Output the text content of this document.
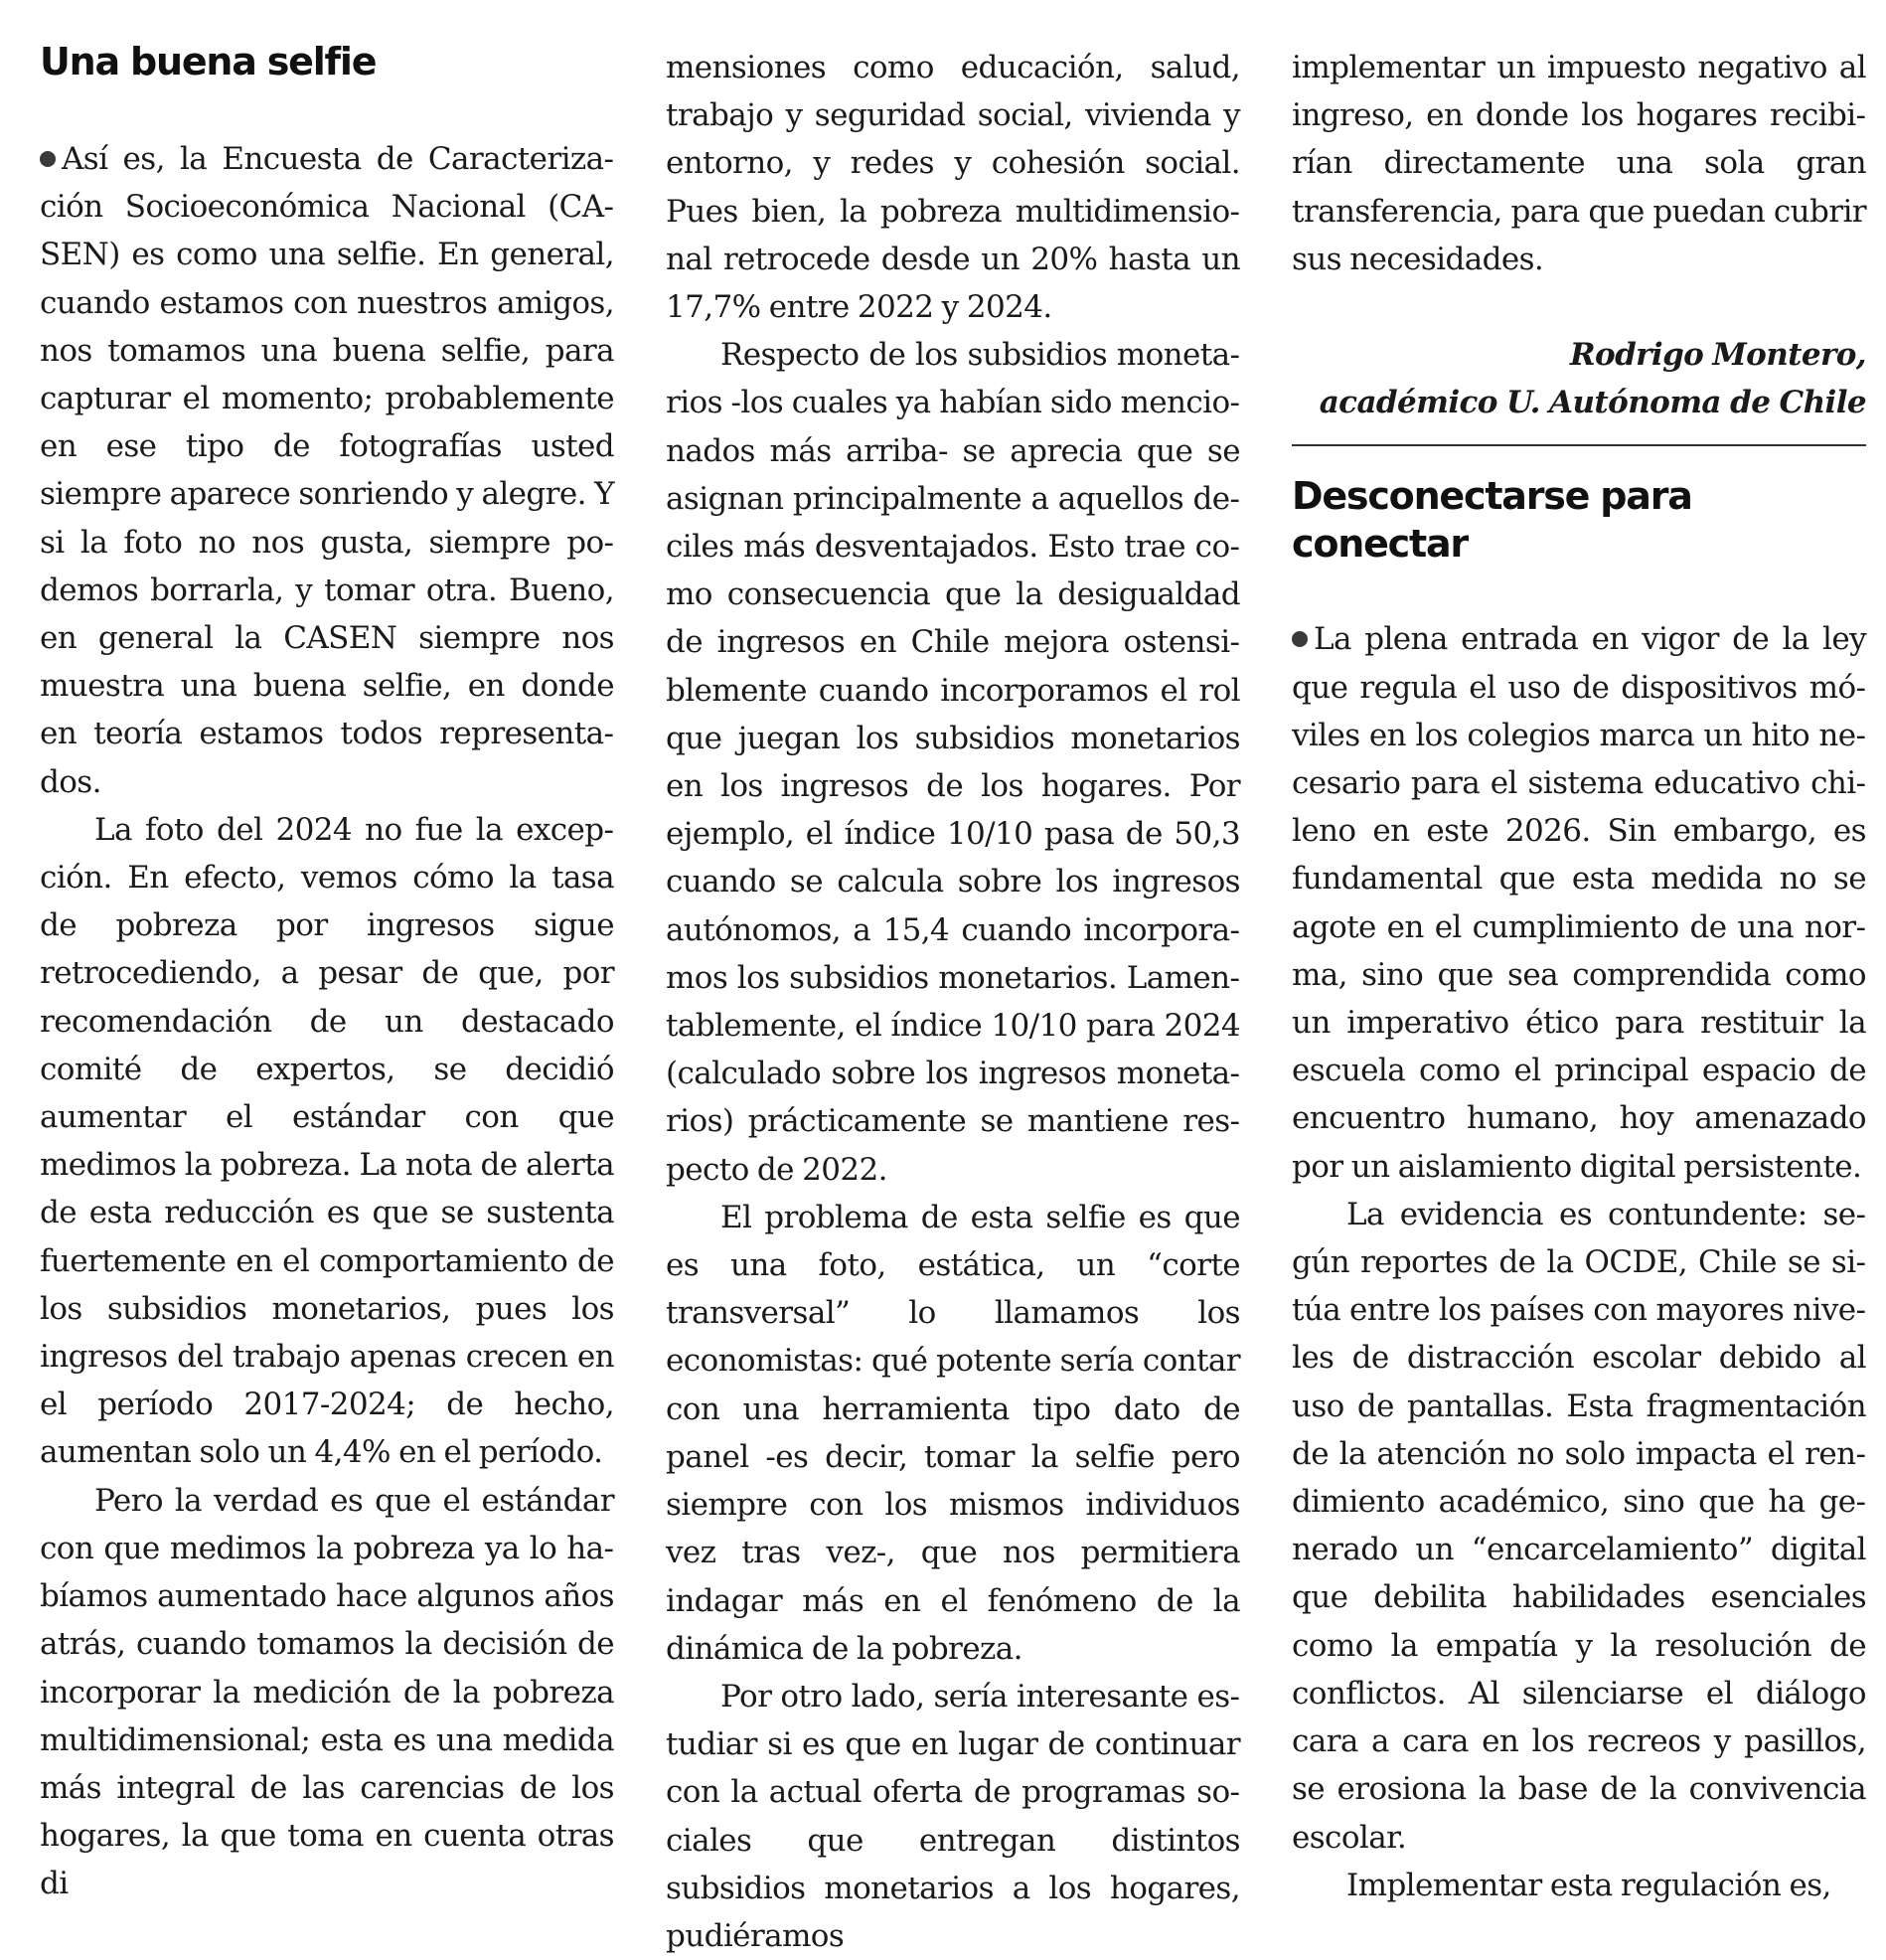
Una buena selfie

Así es, la Encuesta de Caracterización Socioeconómica Nacional (CASEN) es como una selfie. En general, cuando estamos con nuestros amigos, nos tomamos una buena selfie, para capturar el momento; probablemente en ese tipo de fotografías usted siempre aparece sonriendo y alegre. Y si la foto no nos gusta, siempre podemos borrarla, y tomar otra. Bueno, en general la CASEN siempre nos muestra una buena selfie, en donde en teoría estamos todos representados.

La foto del 2024 no fue la excepción. En efecto, vemos cómo la tasa de pobreza por ingresos sigue retrocediendo, a pesar de que, por recomendación de un destacado comité de expertos, se decidió aumentar el estándar con que medimos la pobreza. La nota de alerta de esta reducción es que se sustenta fuertemente en el comportamiento de los subsidios monetarios, pues los ingresos del trabajo apenas crecen en el período 2017-2024; de hecho, aumentan solo un 4,4% en el período.

Pero la verdad es que el estándar con que medimos la pobreza ya lo habíamos aumentado hace algunos años atrás, cuando tomamos la decisión de incorporar la medición de la pobreza multidimensional; esta es una medida más integral de las carencias de los hogares, la que toma en cuenta otras di

mensiones como educación, salud, trabajo y seguridad social, vivienda y entorno, y redes y cohesión social. Pues bien, la pobreza multidimensional retrocede desde un 20% hasta un 17,7% entre 2022 y 2024.

Respecto de los subsidios monetarios -los cuales ya habían sido mencionados más arriba- se aprecia que se asignan principalmente a aquellos deciles más desventajados. Esto trae como consecuencia que la desigualdad de ingresos en Chile mejora ostensiblemente cuando incorporamos el rol que juegan los subsidios monetarios en los ingresos de los hogares. Por ejemplo, el índice 10/10 pasa de 50,3 cuando se calcula sobre los ingresos autónomos, a 15,4 cuando incorporamos los subsidios monetarios. Lamentablemente, el índice 10/10 para 2024 (calculado sobre los ingresos monetarios) prácticamente se mantiene respecto de 2022.

El problema de esta selfie es que es una foto, estática, un “corte transversal” lo llamamos los economistas: qué potente sería contar con una herramienta tipo dato de panel -es decir, tomar la selfie pero siempre con los mismos individuos vez tras vez-, que nos permitiera indagar más en el fenómeno de la dinámica de la pobreza.

Por otro lado, sería interesante estudiar si es que en lugar de continuar con la actual oferta de programas sociales que entregan distintos subsidios monetarios a los hogares, pudiéramos

implementar un impuesto negativo al ingreso, en donde los hogares recibirían directamente una sola gran transferencia, para que puedan cubrir sus necesidades.

Rodrigo Montero,
académico U. Autónoma de Chile
Desconectarse para conectar

La plena entrada en vigor de la ley que regula el uso de dispositivos móviles en los colegios marca un hito necesario para el sistema educativo chileno en este 2026. Sin embargo, es fundamental que esta medida no se agote en el cumplimiento de una norma, sino que sea comprendida como un imperativo ético para restituir la escuela como el principal espacio de encuentro humano, hoy amenazado por un aislamiento digital persistente.

La evidencia es contundente: según reportes de la OCDE, Chile se sitúa entre los países con mayores niveles de distracción escolar debido al uso de pantallas. Esta fragmentación de la atención no solo impacta el rendimiento académico, sino que ha generado un “encarcelamiento” digital que debilita habilidades esenciales como la empatía y la resolución de conflictos. Al silenciarse el diálogo cara a cara en los recreos y pasillos, se erosiona la base de la convivencia escolar.

Implementar esta regulación es,
